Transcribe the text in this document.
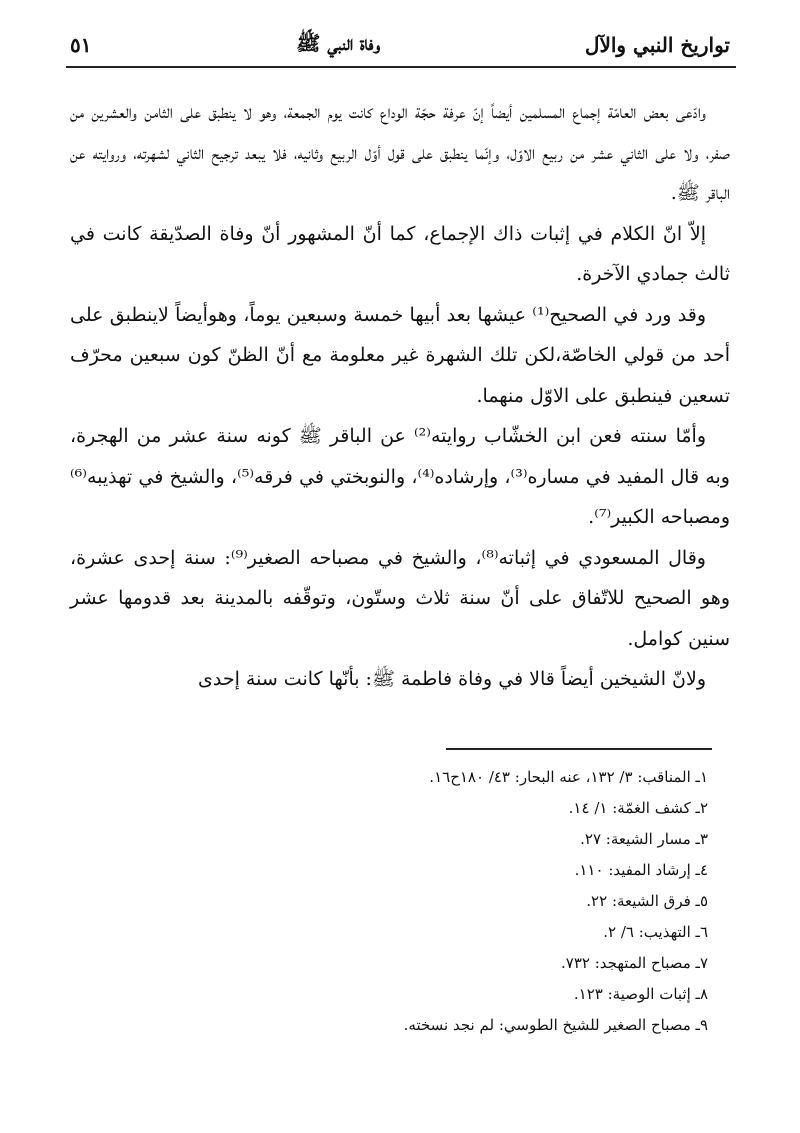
٥١	وفاة النبي ﷺ	تواريخ النبي والآل

وادّعى بعض العامّة إجماع المسلمين أيضاً إنّ عرفة حجّة الوداع كانت يوم الجمعة، وهو لا ينطبق على الثامن والعشرين من صفر، ولا على الثاني عشر من ربيع الاوّل، وإنّما ينطبق على قول أوّل الربيع وثانيه، فلا يبعد ترجيح الثاني لشهرته، وروايته عن الباقر ﷺ.

إلاّ انّ الكلام في إثبات ذاك الإجماع، كما أنّ المشهور أنّ وفاة الصدّيقة كانت في ثالث جمادي الآخرة.

وقد ورد في الصحيح⁽¹⁾ عيشها بعد أبيها خمسة وسبعين يوماً، وهوأيضاً لاينطبق على أحد من قولي الخاصّة،لكن تلك الشهرة غير معلومة مع أنّ الظنّ كون سبعين محرّف تسعين فينطبق على الاوّل منهما.

وأمّا سنته فعن ابن الخشّاب روايته⁽²⁾ عن الباقر ﷺ كونه سنة عشر من الهجرة، وبه قال المفيد في مساره⁽³⁾، وإرشاده⁽⁴⁾، والنوبختي في فرقه⁽⁵⁾، والشيخ في تهذيبه⁽⁶⁾ ومصباحه الكبير⁽⁷⁾.

وقال المسعودي في إثباته⁽⁸⁾، والشيخ في مصباحه الصغير⁽⁹⁾: سنة إحدى عشرة، وهو الصحيح للاتّفاق على أنّ سنة ثلاث وستّون، وتوقّفه بالمدينة بعد قدومها عشر سنين كوامل.

ولانّ الشيخين أيضاً قالا في وفاة فاطمة ﷺ: بأنّها كانت سنة إحدى

١ـ المناقب: ٣/ ١٣٢، عنه البحار: ٤٣/ ١٨٠ح١٦.
٢ـ كشف الغمّة: ١/ ١٤.
٣ـ مسار الشيعة: ٢٧.
٤ـ إرشاد المفيد: ١١٠.
٥ـ فرق الشيعة: ٢٢.
٦ـ التهذيب: ٦/ ٢.
٧ـ مصباح المتهجد: ٧٣٢.
٨ـ إثبات الوصية: ١٢٣.
٩ـ مصباح الصغير للشيخ الطوسي: لم نجد نسخته.
